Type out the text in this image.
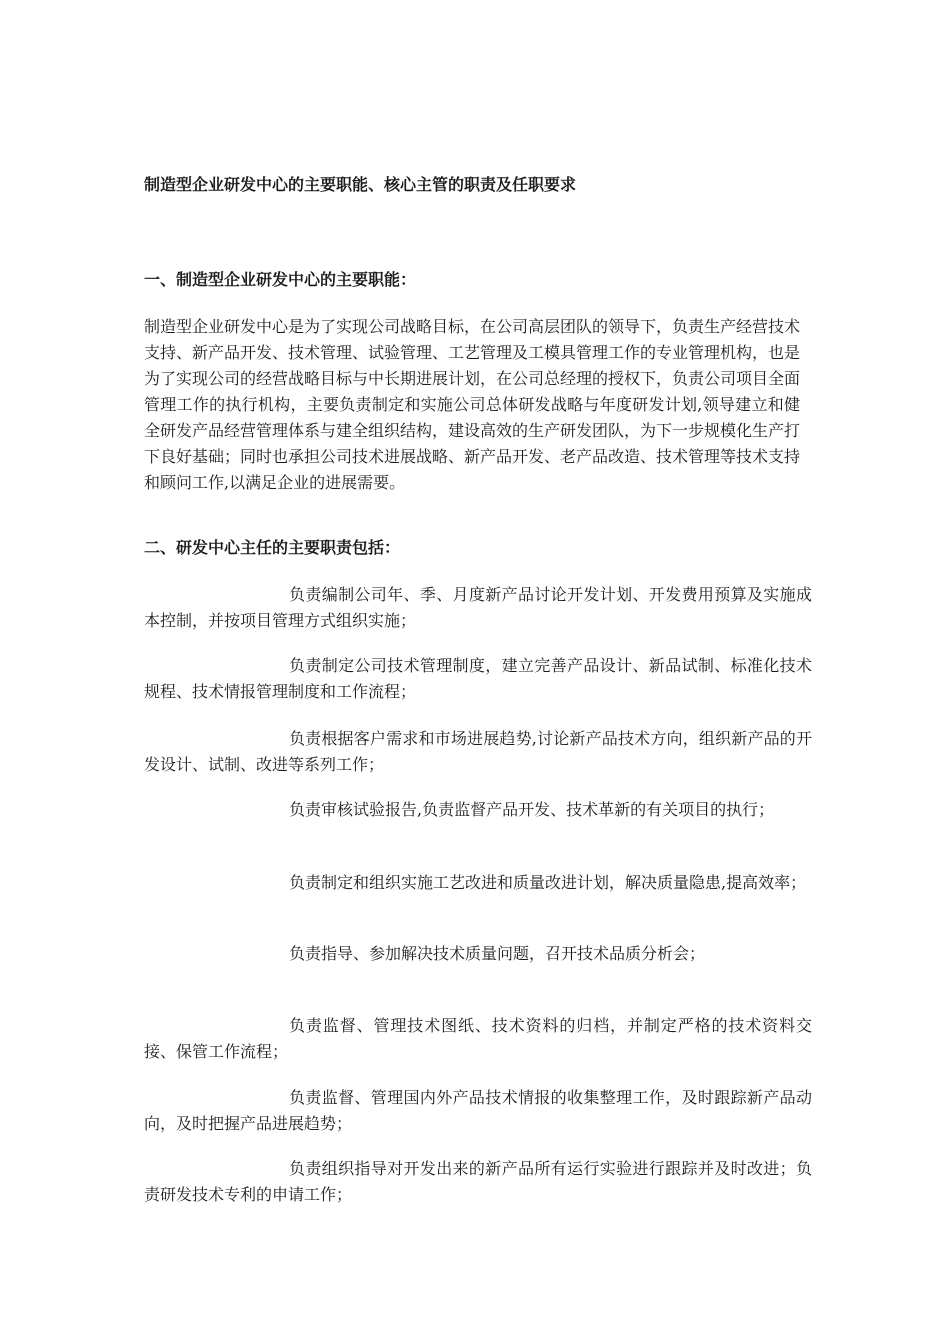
制造型企业研发中心的主要职能、核心主管的职责及任职要求
一、制造型企业研发中心的主要职能：

制造型企业研发中心是为了实现公司战略目标，在公司高层团队的领导下，负责生产经营技术支持、新产品开发、技术管理、试验管理、工艺管理及工模具管理工作的专业管理机构，也是为了实现公司的经营战略目标与中长期进展计划，在公司总经理的授权下，负责公司项目全面管理工作的执行机构，主要负责制定和实施公司总体研发战略与年度研发计划,领导建立和健全研发产品经营管理体系与建全组织结构，建设高效的生产研发团队，为下一步规模化生产打下良好基础；同时也承担公司技术进展战略、新产品开发、老产品改造、技术管理等技术支持和顾问工作,以满足企业的进展需要。

二、研发中心主任的主要职责包括：

负责编制公司年、季、月度新产品讨论开发计划、开发费用预算及实施成本控制，并按项目管理方式组织实施；

负责制定公司技术管理制度，建立完善产品设计、新品试制、标准化技术规程、技术情报管理制度和工作流程；

负责根据客户需求和市场进展趋势,讨论新产品技术方向，组织新产品的开发设计、试制、改进等系列工作；

负责审核试验报告,负责监督产品开发、技术革新的有关项目的执行；

负责制定和组织实施工艺改进和质量改进计划，解决质量隐患,提高效率；

负责指导、参加解决技术质量问题，召开技术品质分析会；

负责监督、管理技术图纸、技术资料的归档，并制定严格的技术资料交接、保管工作流程；

负责监督、管理国内外产品技术情报的收集整理工作，及时跟踪新产品动向，及时把握产品进展趋势；

负责组织指导对开发出来的新产品所有运行实验进行跟踪并及时改进；负责研发技术专利的申请工作；
